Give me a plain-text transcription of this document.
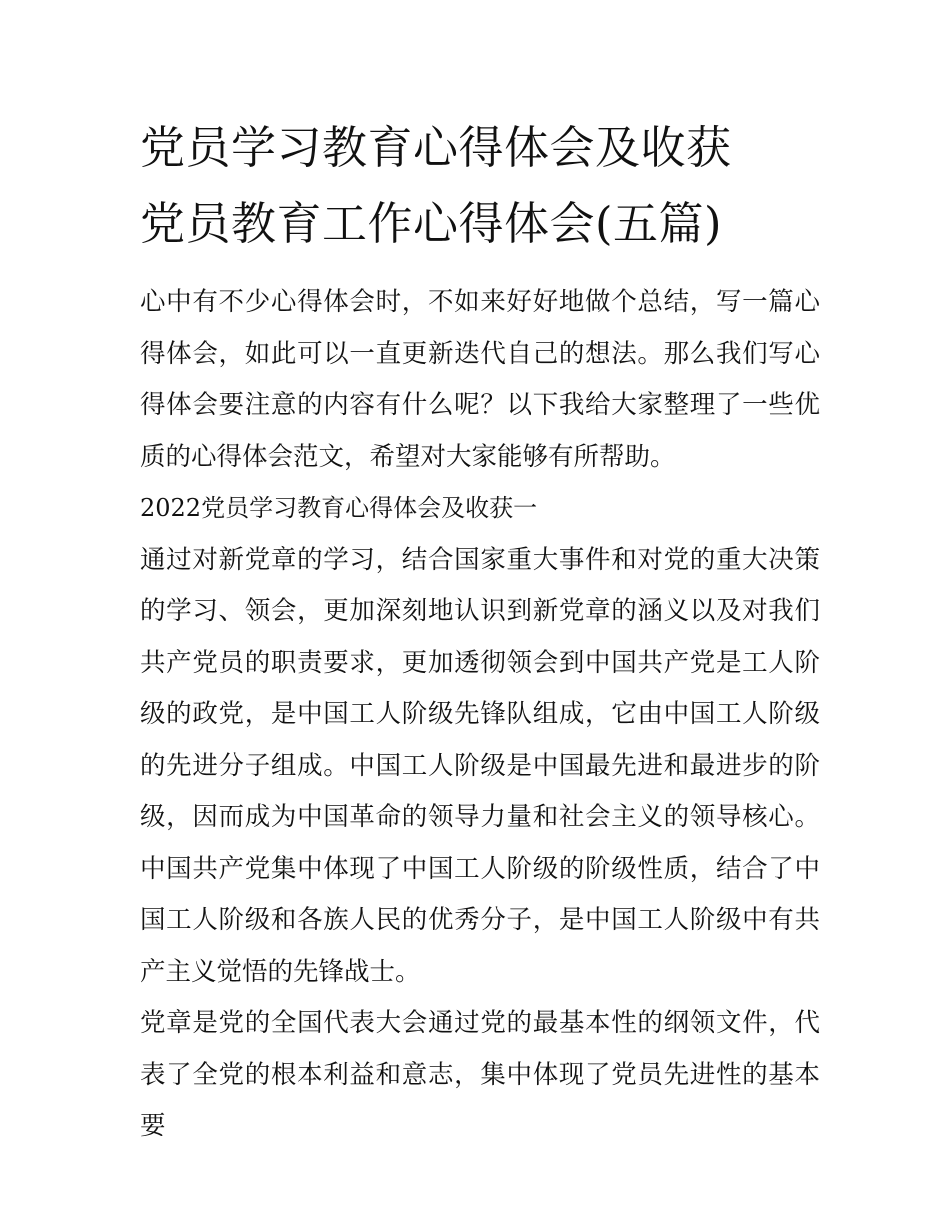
党员学习教育心得体会及收获
党员教育工作心得体会(五篇)

心中有不少心得体会时，不如来好好地做个总结，写一篇心得体会，如此可以一直更新迭代自己的想法。那么我们写心得体会要注意的内容有什么呢？以下我给大家整理了一些优质的心得体会范文，希望对大家能够有所帮助。

2022党员学习教育心得体会及收获一

通过对新党章的学习，结合国家重大事件和对党的重大决策的学习、领会，更加深刻地认识到新党章的涵义以及对我们共产党员的职责要求，更加透彻领会到中国共产党是工人阶级的政党，是中国工人阶级先锋队组成，它由中国工人阶级的先进分子组成。中国工人阶级是中国最先进和最进步的阶级，因而成为中国革命的领导力量和社会主义的领导核心。中国共产党集中体现了中国工人阶级的阶级性质，结合了中国工人阶级和各族人民的优秀分子，是中国工人阶级中有共产主义觉悟的先锋战士。

党章是党的全国代表大会通过党的最基本性的纲领文件，代表了全党的根本利益和意志，集中体现了党员先进性的基本要
